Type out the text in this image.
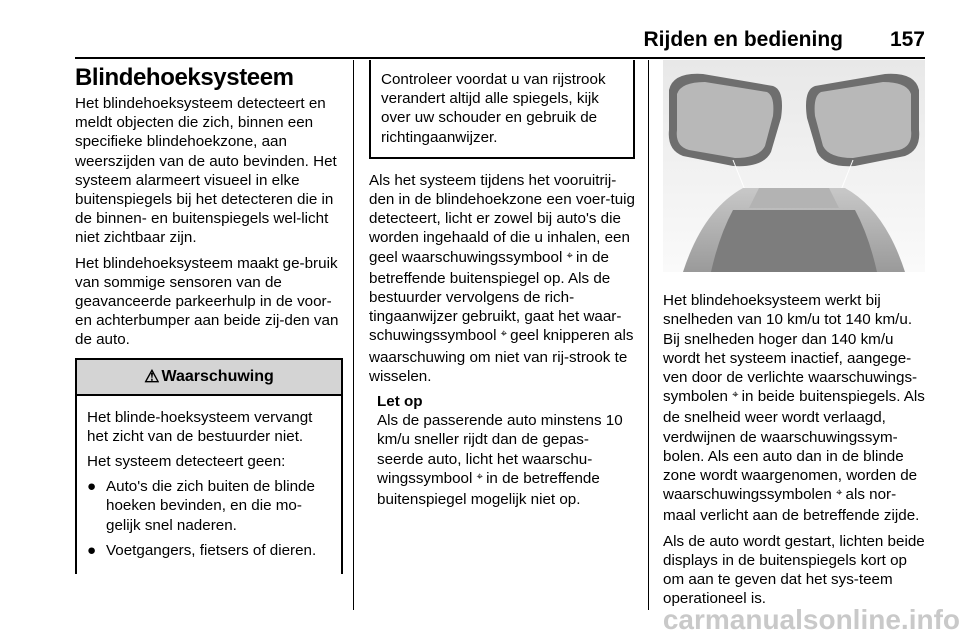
Rijden en bediening 157
Blindehoeksysteem

Het blindehoeksysteem detecteert en meldt objecten die zich, binnen een specifieke blindehoekzone, aan weerszijden van de auto bevinden. Het systeem alarmeert visueel in elke buitenspiegels bij het detecteren die in de binnen- en buitenspiegels wel-licht niet zichtbaar zijn.

Het blindehoeksysteem maakt ge-bruik van sommige sensoren van de geavanceerde parkeerhulp in de voor- en achterbumper aan beide zij-den van de auto.

⚠ Waarschuwing

Het blinde-hoeksysteem vervangt het zicht van de bestuurder niet.

Het systeem detecteert geen:

● Auto's die zich buiten de blinde hoeken bevinden, en die mo-gelijk snel naderen.
● Voetgangers, fietsers of dieren.

Controleer voordat u van rijstrook verandert altijd alle spiegels, kijk over uw schouder en gebruik de richtingaanwijzer.

Als het systeem tijdens het vooruitrij-den in de blindehoekzone een voer-tuig detecteert, licht er zowel bij auto's die worden ingehaald of die u inhalen, een geel waarschuwingssymbool ⌖ in de betreffende buitenspiegel op. Als de bestuurder vervolgens de rich-tingaanwijzer gebruikt, gaat het waar-schuwingssymbool ⌖ geel knipperen als waarschuwing om niet van rij-strook te wisselen.

Let op

Als de passerende auto minstens 10 km/u sneller rijdt dan de gepas-seerde auto, licht het waarschu-wingssymbool ⌖ in de betreffende buitenspiegel mogelijk niet op.

Het blindehoeksysteem werkt bij snelheden van 10 km/u tot 140 km/u. Bij snelheden hoger dan 140 km/u wordt het systeem inactief, aangege-ven door de verlichte waarschuwings-symbolen ⌖ in beide buitenspiegels. Als de snelheid weer wordt verlaagd, verdwijnen de waarschuwingssym-bolen. Als een auto dan in de blinde zone wordt waargenomen, worden de waarschuwingssymbolen ⌖ als nor-maal verlicht aan de betreffende zijde.

Als de auto wordt gestart, lichten beide displays in de buitenspiegels kort op om aan te geven dat het sys-teem operationeel is.

carmanualsonline.info
